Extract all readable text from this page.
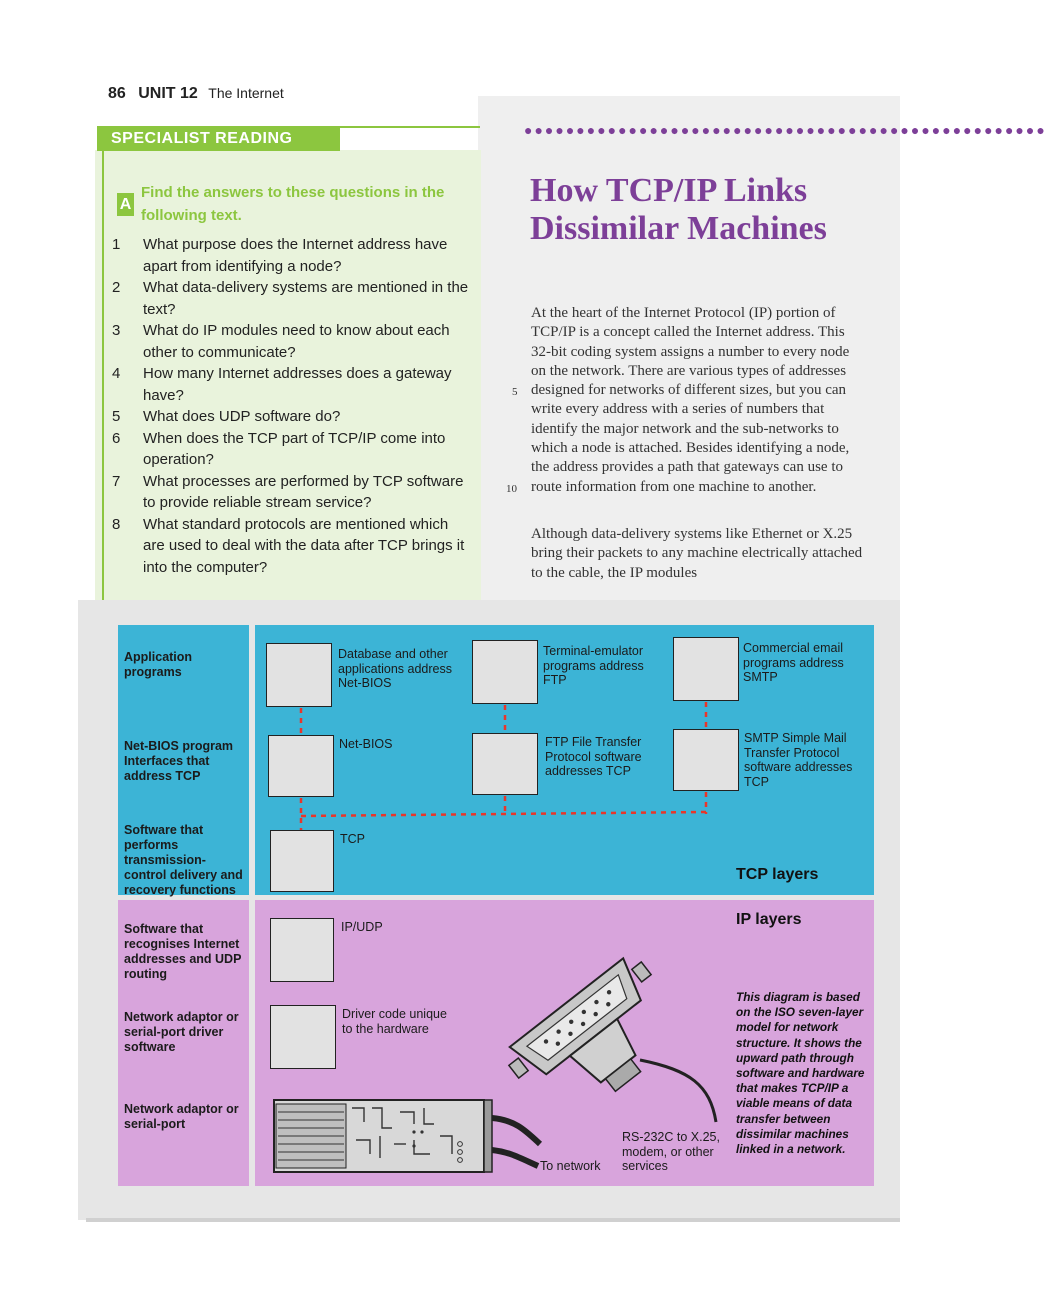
86 UNIT 12 The Internet
SPECIALIST READING
A
Find the answers to these questions in the following text.
1 What purpose does the Internet address have apart from identifying a node?
2 What data-delivery systems are mentioned in the text?
3 What do IP modules need to know about each other to communicate?
4 How many Internet addresses does a gateway have?
5 What does UDP software do?
6 When does the TCP part of TCP/IP come into operation?
7 What processes are performed by TCP software to provide reliable stream service?
8 What standard protocols are mentioned which are used to deal with the data after TCP brings it into the computer?
●●●●●●●●●●●●●●●●●●●●●●●●●●●●●●●●●●●●●●●●●●●●●●●●●●
How TCP/IP Links Dissimilar Machines

At the heart of the Internet Protocol (IP) portion of TCP/IP is a concept called the Internet address. This 32-bit coding system assigns a number to every node on the network. There are various types of addresses designed for networks of different sizes, but you can write every address with a series of numbers that identify the major network and the sub-networks to which a node is attached. Besides identifying a node, the address provides a path that gateways can use to route information from one machine to another.

5
10

Although data-delivery systems like Ethernet or X.25 bring their packets to any machine electrically attached to the cable, the IP modules

Application programs
Net-BIOS program Interfaces that address TCP
Software that performs transmission-control delivery and recovery functions
Software that recognises Internet addresses and UDP routing
Network adaptor or serial-port driver software
Network adaptor or serial-port
Database and other applications address Net-BIOS
Terminal-emulator programs address FTP
Commercial email programs address SMTP
Net-BIOS	FTP File Transfer Protocol software addresses TCP
SMTP Simple Mail Transfer Protocol software addresses TCP
TCP
TCP layers
IP layers
IP/UDP
Driver code unique to the hardware
To network
RS-232C to X.25, modem, or other services
This diagram is based on the ISO seven-layer model for network structure. It shows the upward path through software and hardware that makes TCP/IP a viable means of data transfer between dissimilar machines linked in a network.
